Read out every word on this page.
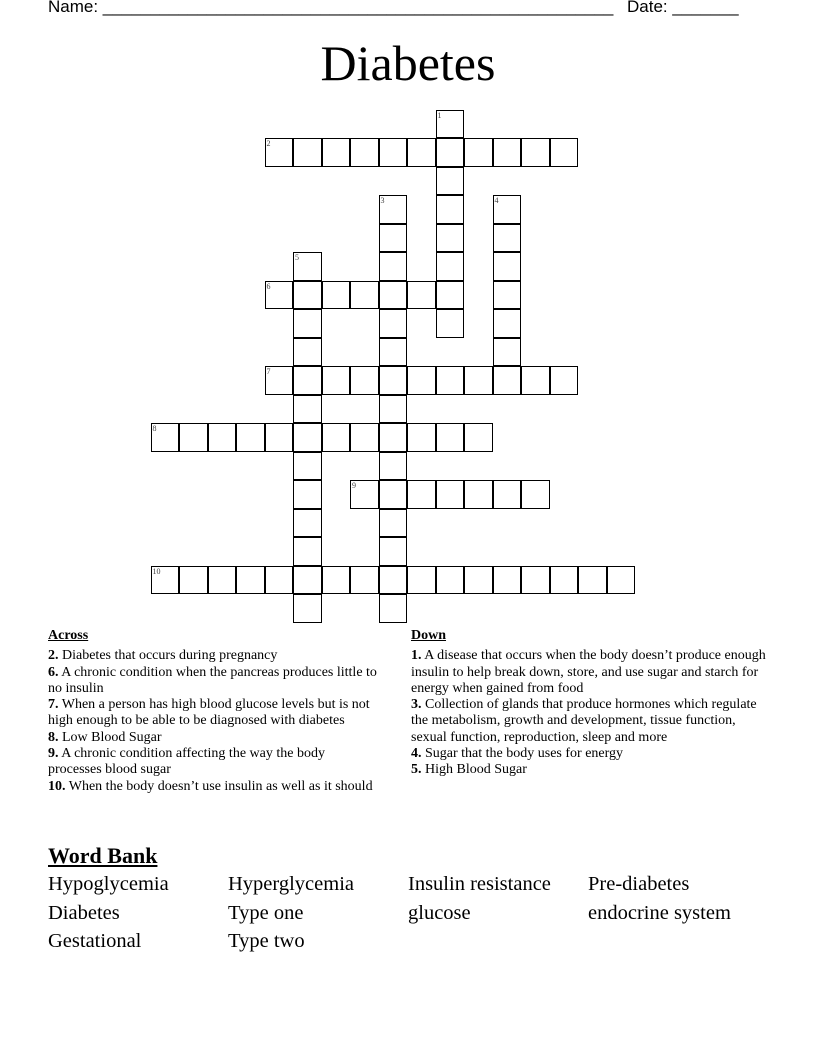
Name: ______________________________________________________ Date: _______
Diabetes
1
2
3	4
5
6
7
8
9
10
Across
2. Diabetes that occurs during pregnancy
6. A chronic condition when the pancreas produces little to no insulin
7. When a person has high blood glucose levels but is not high enough to be able to be diagnosed with diabetes
8. Low Blood Sugar
9. A chronic condition affecting the way the body processes blood sugar
10. When the body doesn’t use insulin as well as it should
Down
1. A disease that occurs when the body doesn’t produce enough insulin to help break down, store, and use sugar and starch for energy when gained from food
3. Collection of glands that produce hormones which regulate the metabolism, growth and development, tissue function, sexual function, reproduction, sleep and more
4. Sugar that the body uses for energy
5. High Blood Sugar
Word Bank
Hypoglycemia	Hyperglycemia	Insulin resistance	Pre-diabetes
Diabetes	Type one	glucose	endocrine system
Gestational	Type two
